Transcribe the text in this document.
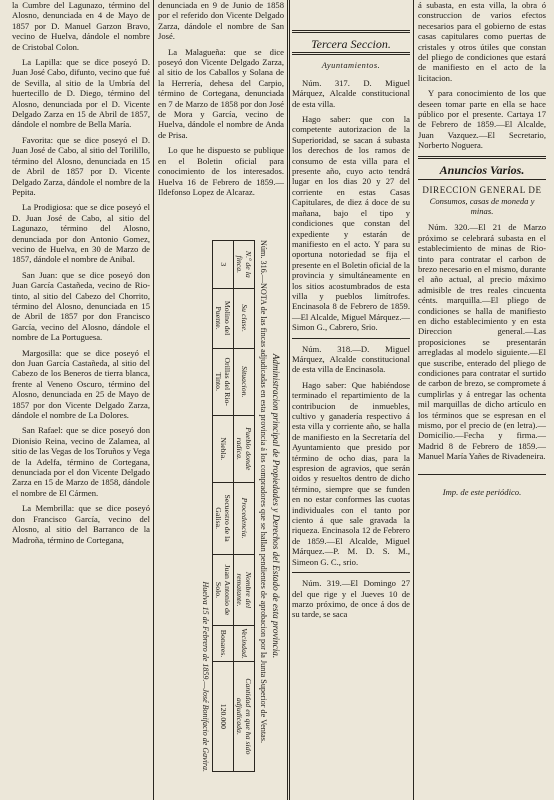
la Cumbre del Lagunazo, término del Alosno, denunciada en 4 de Mayo de 1857 por D. Manuel Garzon Bravo, vecino de Huelva, dándole el nombre de Cristobal Colon.

La Lapilla: que se dice poseyó D. Juan José Cabo, difunto, vecino que fué de Sevilla, al sitio de la Umbría del huertecillo de D. Diego, término del Alosno, denunciada por el D. Vicente Delgado Zarza en 15 de Abril de 1857, dándole el nombre de Bella María.

Favorita: que se dice poseyó el D. Juan José de Cabo, al sitio del Torilillo, término del Alosno, denunciada en 15 de Abril de 1857 por D. Vicente Delgado Zarza, dándole el nombre de la Pepita.

La Prodigiosa: que se dice poseyó el D. Juan José de Cabo, al sitio del Lagunazo, término del Alosno, denunciada por don Antonio Gomez, vecino de Huelva, en 30 de Marzo de 1857, dándole el nombre de Anibal.

San Juan: que se dice poseyó don Juan García Castañeda, vecino de Rio-tinto, al sitio del Cabezo del Chorrito, término del Alosno, denunciada en 15 de Abril de 1857 por don Francisco García, vecino del Alosno, dándole el nombre de La Portuguesa.

Margosilla: que se dice poseyó el don Juan García Castañeda, al sitio del Cabezo de los Beneros de tierra blanca, frente al Veneno Oscuro, término del Alosno, denunciada en 25 de Mayo de 1857 por don Vicente Delgado Zarza, dándole el nombre de La Dolores.

San Rafael: que se dice poseyó don Dionisio Reina, vecino de Zalamea, al sitio de las Vegas de los Toruños y Vega de la Adelfa, término de Cortegana, denunciada por el don Vicente Delgado Zarza en 15 de Marzo de 1858, dándole el nombre de El Cármen.

La Membrilla: que se dice poseyó don Francisco García, vecino del Alosno, al sitio del Barranco de la Madroña, término de Cortegana,

denunciada en 9 de Junio de 1858 por el referido don Vicente Delgado Zarza, dándole el nombre de San José.

La Malagueña: que se dice poseyó don Vicente Delgado Zarza, al sitio de los Caballos y Solana de la Herrería, dehesa del Carpio, término de Cortegana, denunciada en 7 de Marzo de 1858 por don José de Mora y García, vecino de Huelva, dándole el nombre de Anda de Prisa.

Lo que he dispuesto se publique en el Boletin oficial para conocimiento de los interesados. Huelva 16 de Febrero de 1859.—Ildefonso Lopez de Alcaraz.

Administracion principal de Propiedades y Derechos del Estado de esta provincia.
Núm. 316.—NOTA de las fincas adjudicadas en esta provincia á los compradores que se hallan pendientes de aprobacion por la Junta Superior de Ventas.
N.º de la finca.	Su clase.	Situacion.	Pueblo donde radica.	Procedencia.	Nombre del rematante.	Vecindad.	Cantidad en que ha sido adjudicada.
3	Molino del Puente.	Orillas del Rio-Tinto.	Niebla.	Secuestro de la Galisa.	Juan Antonio de Solo.	Bonares.	120.000
Huelva 15 de Febrero de 1859.—José Bonifacio de Gavira.
Tercera Seccion.
Ayuntamientos.

Núm. 317. D. Miguel Márquez, Alcalde constitucional de esta villa.

Hago saber: que con la competente autorizacion de la Superioridad, se sacan á subasta los derechos de los ramos de consumo de esta villa para el presente año, cuyo acto tendrá lugar en los dias 20 y 27 del corriente en estas Casas Capitulares, de diez á doce de su mañana, bajo el tipo y condiciones que constan del expediente y estarán de manifiesto en el acto. Y para su oportuna notoriedad se fija el presente en el Boletin oficial de la provincia y simultáneamente en los sitios acostumbrados de esta villa y pueblos limítrofes. Encinasola 8 de Febrero de 1859.—El Alcalde, Miguel Márquez.—Simon G., Cabrero, Srio.

Núm. 318.—D. Miguel Márquez, Alcalde constitucional de esta villa de Encinasola.

Hago saber: Que habiéndose terminado el repartimiento de la contribucion de inmuebles, cultivo y ganadería respectivo á esta villa y corriente año, se halla de manifiesto en la Secretaría del Ayuntamiento que presido por término de ocho dias, para la espresion de agravios, que serán oidos y resueltos dentro de dicho término, siempre que se funden en no estar conformes las cuotas individuales con el tanto por ciento á que sale gravada la riqueza. Encinasola 12 de Febrero de 1859.—El Alcalde, Miguel Márquez.—P. M. D. S. M., Simeon G. C., srio.

Núm. 319.—El Domingo 27 del que rige y el Jueves 10 de marzo próximo, de once á dos de su tarde, se saca

á subasta, en esta villa, la obra ó construccion de varios efectos necesarios para el gobierno de estas casas capitulares como puertas de cristales y otros útiles que constan del pliego de condiciones que estará de manifiesto en el acto de la licitacion.

Y para conocimiento de los que deseen tomar parte en ella se hace público por el presente. Cartaya 17 de Febrero de 1859.—El Alcalde, Juan Vazquez.—El Secretario, Norberto Noguera.

Anuncios Varios.
DIRECCION GENERAL DE
Consumos, casas de moneda y minas.

Núm. 320.—El 21 de Marzo próximo se celebrará subasta en el establecimiento de minas de Rio-tinto para contratar el carbon de brezo necesario en el mismo, durante el año actual, al precio máximo admisible de tres reales cincuenta cénts. marquilla.—El pliego de condiciones se halla de manifiesto en dicho establecimiento y en esta Direccion general.—Las proposiciones se presentarán arregladas al modelo siguiente.—El que suscribe, enterado del pliego de condiciones para contratar el surtido de carbon de brezo, se compromete á cumplirlas y á entregar las ochenta mil marquillas de dicho artículo en los términos que se espresan en el mismo, por el precio de (en letra).—Domicilio.—Fecha y firma.—Madrid 8 de Febrero de 1859.—Manuel María Yañes de Rivadeneira.

Imp. de este periódico.
